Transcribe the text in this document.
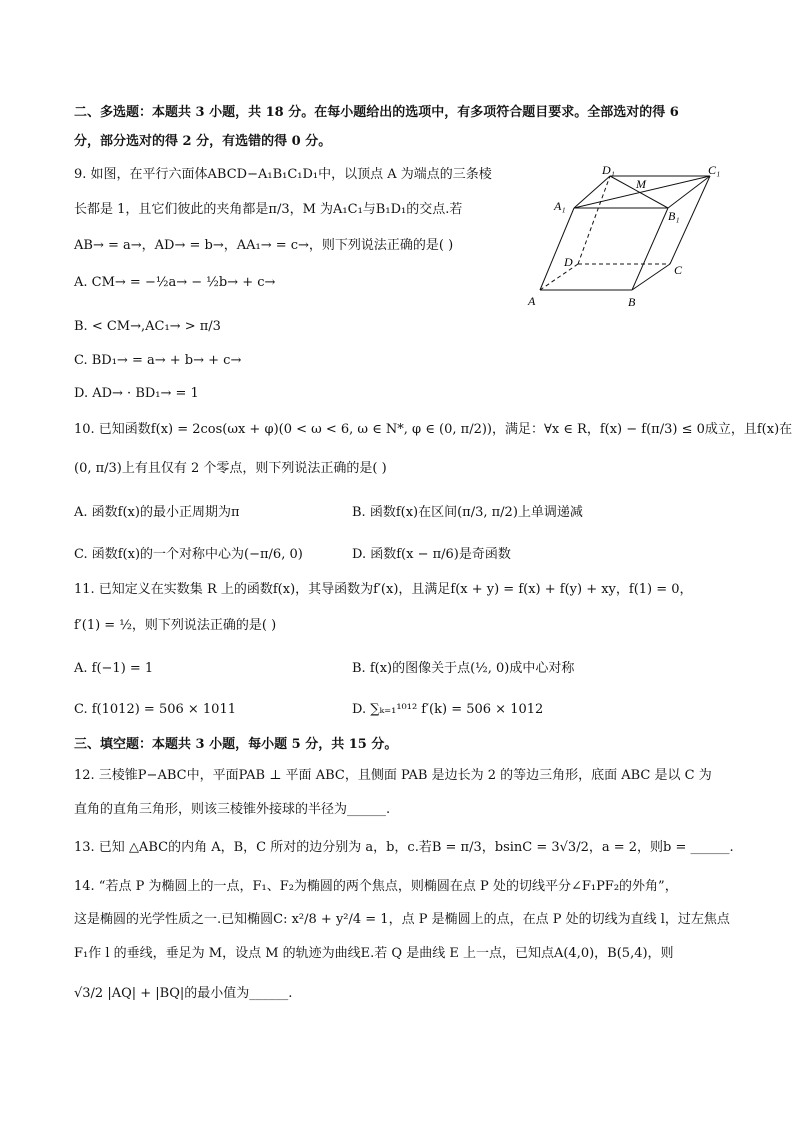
二、多选题：本题共 3 小题，共 18 分。在每小题给出的选项中，有多项符合题目要求。全部选对的得 6
分，部分选对的得 2 分，有选错的得 0 分。
9. 如图，在平行六面体ABCD−A₁B₁C₁D₁中，以顶点 A 为端点的三条棱
长都是 1，且它们彼此的夹角都是π/3，M 为A₁C₁与B₁D₁的交点.若
AB→ = a→，AD→ = b→，AA₁→ = c→，则下列说法正确的是( )
A. CM→ = −½a→ − ½b→ + c→
B. < CM→,AC₁→ > π/3
C. BD₁→ = a→ + b→ + c→
D. AD→ · BD₁→ = 1
D₁
M
C₁
A₁
B₁
D
C
A	B
10. 已知函数f(x) = 2cos(ωx + φ)(0 < ω < 6, ω ∈ N*, φ ∈ (0, π/2))，满足：∀x ∈ R，f(x) − f(π/3) ≤ 0成立，且f(x)在
(0, π/3)上有且仅有 2 个零点，则下列说法正确的是( )
A. 函数f(x)的最小正周期为π	B. 函数f(x)在区间(π/3, π/2)上单调递减
C. 函数f(x)的一个对称中心为(−π/6, 0)	D. 函数f(x − π/6)是奇函数
11. 已知定义在实数集 R 上的函数f(x)，其导函数为f′(x)，且满足f(x + y) = f(x) + f(y) + xy，f(1) = 0，
f′(1) = ½，则下列说法正确的是( )
A. f(−1) = 1	B. f(x)的图像关于点(½, 0)成中心对称
C. f(1012) = 506 × 1011	D. ∑ₖ₌₁¹⁰¹² f′(k) = 506 × 1012
三、填空题：本题共 3 小题，每小题 5 分，共 15 分。
12. 三棱锥P−ABC中，平面PAB ⊥ 平面 ABC，且侧面 PAB 是边长为 2 的等边三角形，底面 ABC 是以 C 为
直角的直角三角形，则该三棱锥外接球的半径为______.
13. 已知 △ABC的内角 A，B，C 所对的边分别为 a，b，c.若B = π/3，bsinC = 3√3/2，a = 2，则b = ______.
14. “若点 P 为椭圆上的一点，F₁、F₂为椭圆的两个焦点，则椭圆在点 P 处的切线平分∠F₁PF₂的外角”，
这是椭圆的光学性质之一.已知椭圆C: x²/8 + y²/4 = 1，点 P 是椭圆上的点，在点 P 处的切线为直线 l，过左焦点
F₁作 l 的垂线，垂足为 M，设点 M 的轨迹为曲线E.若 Q 是曲线 E 上一点，已知点A(4,0)，B(5,4)，则
√3/2 |AQ| + |BQ|的最小值为______.
